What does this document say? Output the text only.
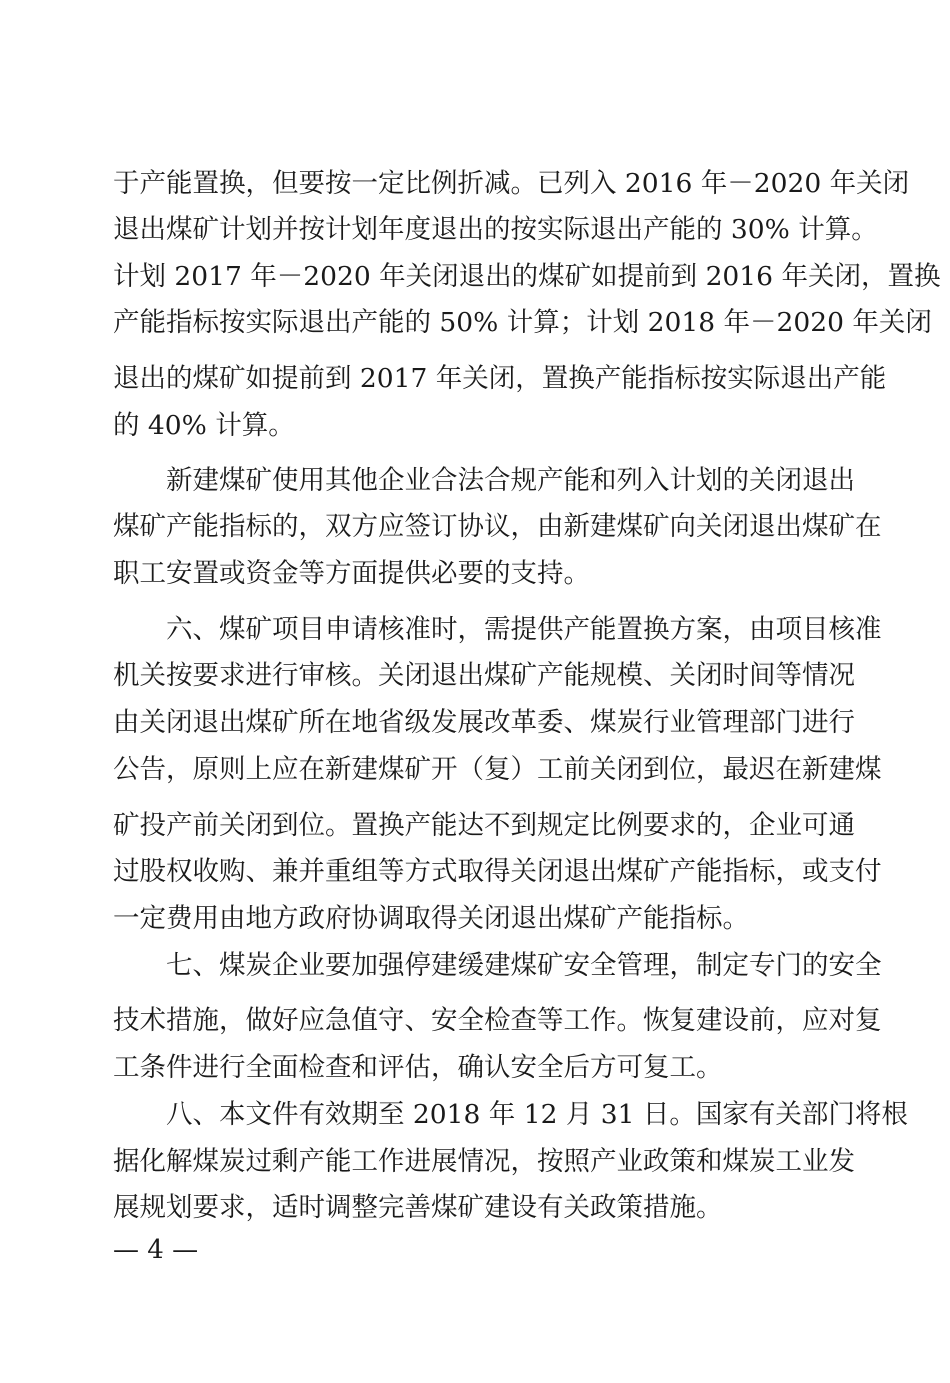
于产能置换，但要按一定比例折减。已列入 2016 年－2020 年关闭
退出煤矿计划并按计划年度退出的按实际退出产能的 30% 计算。
计划 2017 年－2020 年关闭退出的煤矿如提前到 2016 年关闭，置换
产能指标按实际退出产能的 50% 计算；计划 2018 年－2020 年关闭
退出的煤矿如提前到 2017 年关闭，置换产能指标按实际退出产能
的 40% 计算。
新建煤矿使用其他企业合法合规产能和列入计划的关闭退出
煤矿产能指标的，双方应签订协议，由新建煤矿向关闭退出煤矿在
职工安置或资金等方面提供必要的支持。
六、煤矿项目申请核准时，需提供产能置换方案，由项目核准
机关按要求进行审核。关闭退出煤矿产能规模、关闭时间等情况
由关闭退出煤矿所在地省级发展改革委、煤炭行业管理部门进行
公告，原则上应在新建煤矿开（复）工前关闭到位，最迟在新建煤
矿投产前关闭到位。置换产能达不到规定比例要求的，企业可通
过股权收购、兼并重组等方式取得关闭退出煤矿产能指标，或支付
一定费用由地方政府协调取得关闭退出煤矿产能指标。
七、煤炭企业要加强停建缓建煤矿安全管理，制定专门的安全
技术措施，做好应急值守、安全检查等工作。恢复建设前，应对复
工条件进行全面检查和评估，确认安全后方可复工。
八、本文件有效期至 2018 年 12 月 31 日。国家有关部门将根
据化解煤炭过剩产能工作进展情况，按照产业政策和煤炭工业发
展规划要求，适时调整完善煤矿建设有关政策措施。
— 4 —
